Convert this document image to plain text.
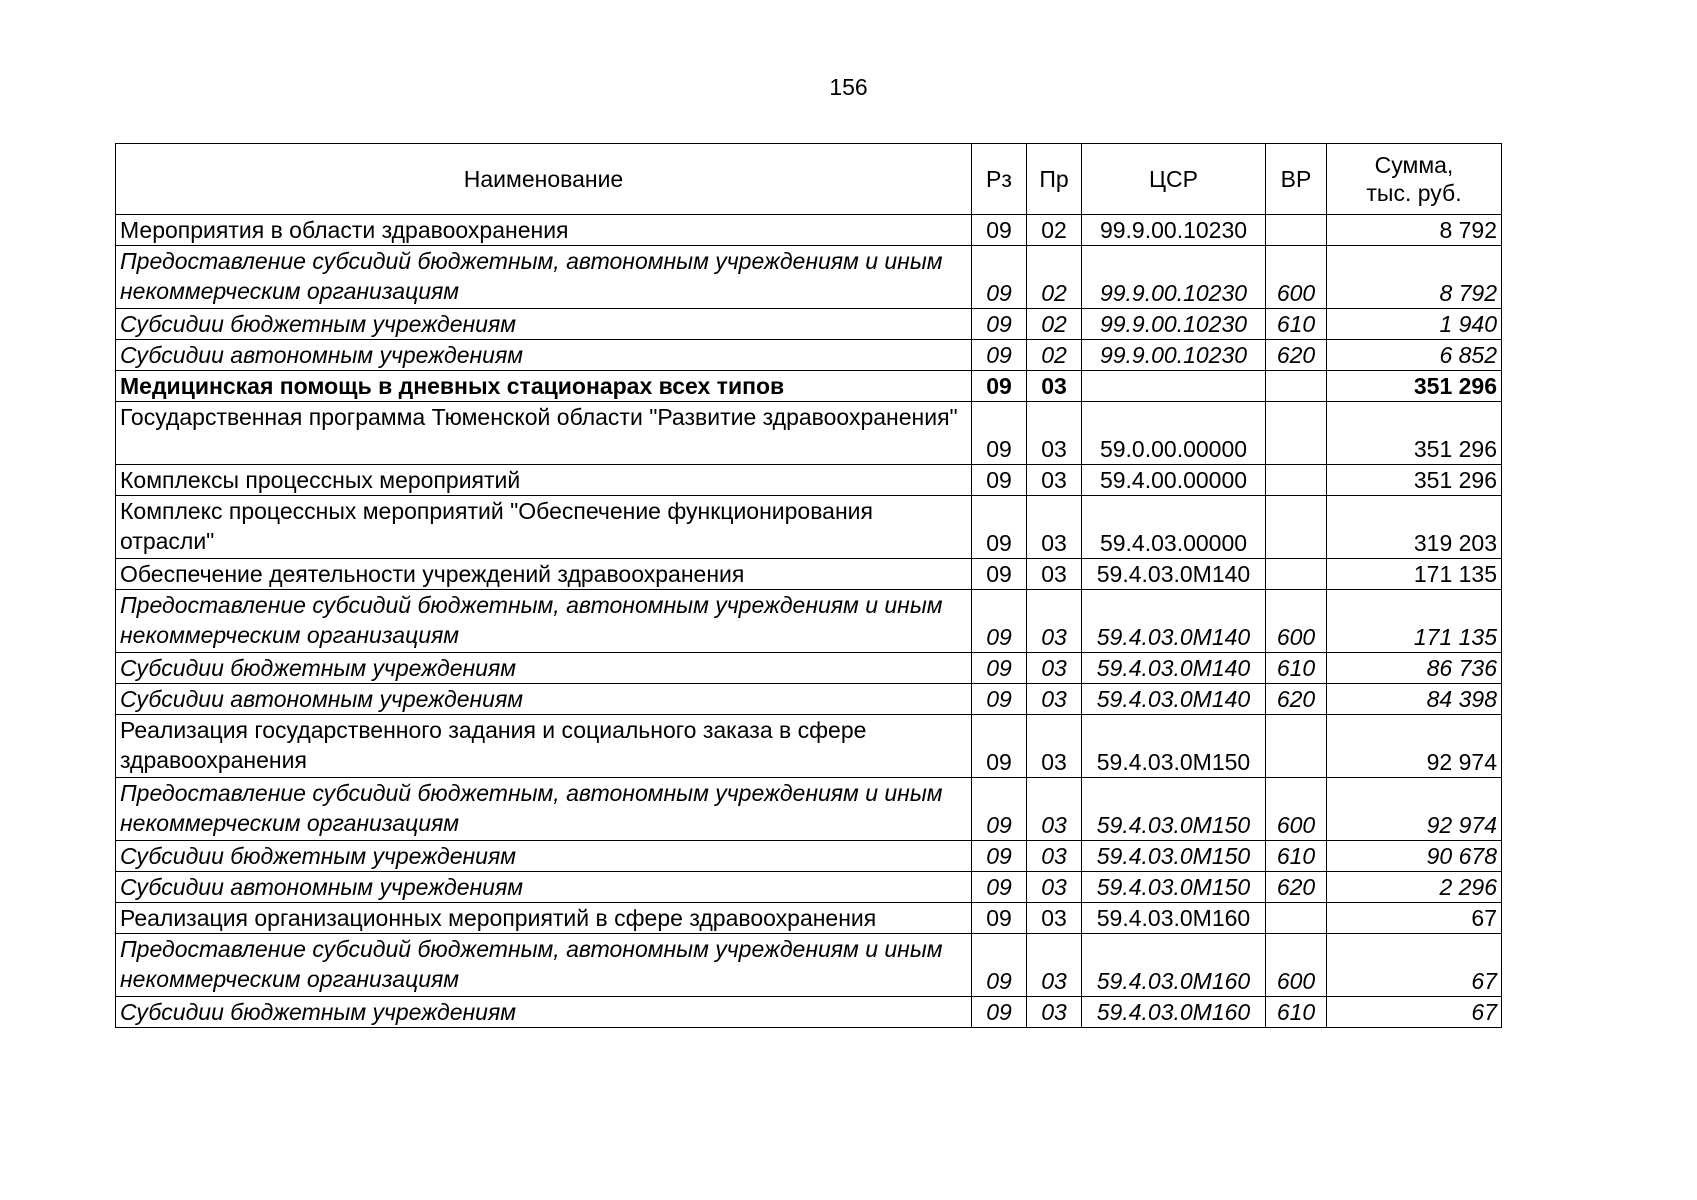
156
Наименование	Рз	Пр	ЦСР	ВР	Сумма,
тыс. руб.
Мероприятия в области здравоохранения	09	02	99.9.00.10230		8 792
Предоставление субсидий бюджетным, автономным учреждениям и иным некоммерческим организациям	09	02	99.9.00.10230	600	8 792
Субсидии бюджетным учреждениям	09	02	99.9.00.10230	610	1 940
Субсидии автономным учреждениям	09	02	99.9.00.10230	620	6 852
Медицинская помощь в дневных стационарах всех типов	09	03			351 296
Государственная программа Тюменской области "Развитие здравоохранения"	09	03	59.0.00.00000		351 296
Комплексы процессных мероприятий	09	03	59.4.00.00000		351 296
Комплекс процессных мероприятий "Обеспечение функционирования отрасли"	09	03	59.4.03.00000		319 203
Обеспечение деятельности учреждений здравоохранения	09	03	59.4.03.0М140		171 135
Предоставление субсидий бюджетным, автономным учреждениям и иным некоммерческим организациям	09	03	59.4.03.0М140	600	171 135
Субсидии бюджетным учреждениям	09	03	59.4.03.0М140	610	86 736
Субсидии автономным учреждениям	09	03	59.4.03.0М140	620	84 398
Реализация государственного задания и социального заказа в сфере здравоохранения	09	03	59.4.03.0М150		92 974
Предоставление субсидий бюджетным, автономным учреждениям и иным некоммерческим организациям	09	03	59.4.03.0М150	600	92 974
Субсидии бюджетным учреждениям	09	03	59.4.03.0М150	610	90 678
Субсидии автономным учреждениям	09	03	59.4.03.0М150	620	2 296
Реализация организационных мероприятий в сфере здравоохранения	09	03	59.4.03.0М160		67
Предоставление субсидий бюджетным, автономным учреждениям и иным некоммерческим организациям	09	03	59.4.03.0М160	600	67
Субсидии бюджетным учреждениям	09	03	59.4.03.0М160	610	67
